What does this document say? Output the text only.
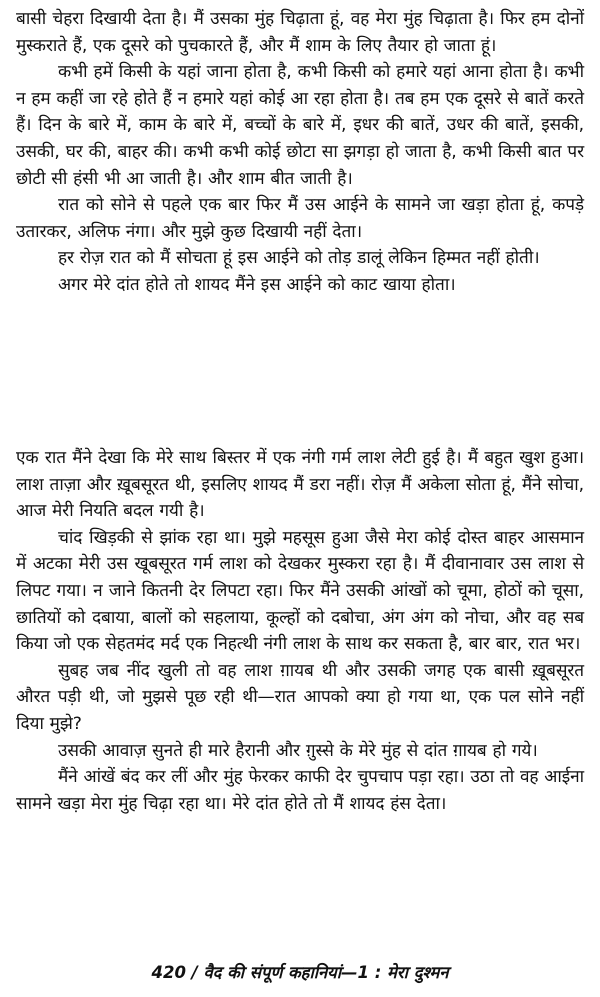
बासी चेहरा दिखायी देता है। मैं उसका मुंह चिढ़ाता हूं, वह मेरा मुंह चिढ़ाता है। फिर हम दोनों मुस्कराते हैं, एक दूसरे को पुचकारते हैं, और मैं शाम के लिए तैयार हो जाता हूं।

कभी हमें किसी के यहां जाना होता है, कभी किसी को हमारे यहां आना होता है। कभी न हम कहीं जा रहे होते हैं न हमारे यहां कोई आ रहा होता है। तब हम एक दूसरे से बातें करते हैं। दिन के बारे में, काम के बारे में, बच्चों के बारे में, इधर की बातें, उधर की बातें, इसकी, उसकी, घर की, बाहर की। कभी कभी कोई छोटा सा झगड़ा हो जाता है, कभी किसी बात पर छोटी सी हंसी भी आ जाती है। और शाम बीत जाती है।

रात को सोने से पहले एक बार फिर मैं उस आईने के सामने जा खड़ा होता हूं, कपड़े उतारकर, अलिफ नंगा। और मुझे कुछ दिखायी नहीं देता।

हर रोज़ रात को मैं सोचता हूं इस आईने को तोड़ डालूं लेकिन हिम्मत नहीं होती।

अगर मेरे दांत होते तो शायद मैंने इस आईने को काट खाया होता।

एक रात मैंने देखा कि मेरे साथ बिस्तर में एक नंगी गर्म लाश लेटी हुई है। मैं बहुत खुश हुआ। लाश ताज़ा और ख़ूबसूरत थी, इसलिए शायद मैं डरा नहीं। रोज़ मैं अकेला सोता हूं, मैंने सोचा, आज मेरी नियति बदल गयी है।

चांद खिड़की से झांक रहा था। मुझे महसूस हुआ जैसे मेरा कोई दोस्त बाहर आसमान में अटका मेरी उस खूबसूरत गर्म लाश को देखकर मुस्करा रहा है। मैं दीवानावार उस लाश से लिपट गया। न जाने कितनी देर लिपटा रहा। फिर मैंने उसकी आंखों को चूमा, होठों को चूसा, छातियों को दबाया, बालों को सहलाया, कूल्हों को दबोचा, अंग अंग को नोचा, और वह सब किया जो एक सेहतमंद मर्द एक निहत्थी नंगी लाश के साथ कर सकता है, बार बार, रात भर।

सुबह जब नींद खुली तो वह लाश ग़ायब थी और उसकी जगह एक बासी ख़ूबसूरत औरत पड़ी थी, जो मुझसे पूछ रही थी—रात आपको क्या हो गया था, एक पल सोने नहीं दिया मुझे?

उसकी आवाज़ सुनते ही मारे हैरानी और ग़ुस्से के मेरे मुंह से दांत ग़ायब हो गये।

मैंने आंखें बंद कर लीं और मुंह फेरकर काफी देर चुपचाप पड़ा रहा। उठा तो वह आईना सामने खड़ा मेरा मुंह चिढ़ा रहा था। मेरे दांत होते तो मैं शायद हंस देता।

420 / वैद की संपूर्ण कहानियां—1 : मेरा दुश्मन
